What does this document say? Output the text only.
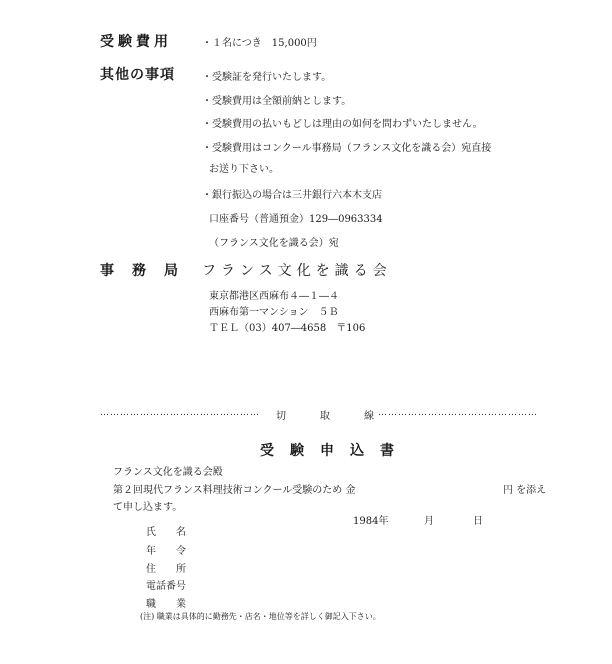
受験費用	・１名につき　15,000円
其他の事項	・受験証を発行いたします。
・受験費用は全額前納とします。
・受験費用の払いもどしは理由の如何を問わずいたしません。
・受験費用はコンクール事務局（フランス文化を識る会）宛直接
お送り下さい。
・銀行振込の場合は三井銀行六本木支店
口座番号（普通預金）129―0963334
（フランス文化を識る会）宛
事　務　局 フランス文化を識る会
東京都港区西麻布４―１―４
西麻布第一マンション　５Ｂ
ＴＥＬ（03）407―4658　〒106
………………………………………… 切	取	線 …………………………………………
受験申込書
フランス文化を識る会殿
第２回現代フランス料理技術コンクール受験のため 金	円 を添え
て申し込ます。
1984年	月	日
氏　　名
年　　令
住　　所
電話番号
職　　業
(注) 職業は具体的に勤務先・店名・地位等を詳しく御記入下さい。
